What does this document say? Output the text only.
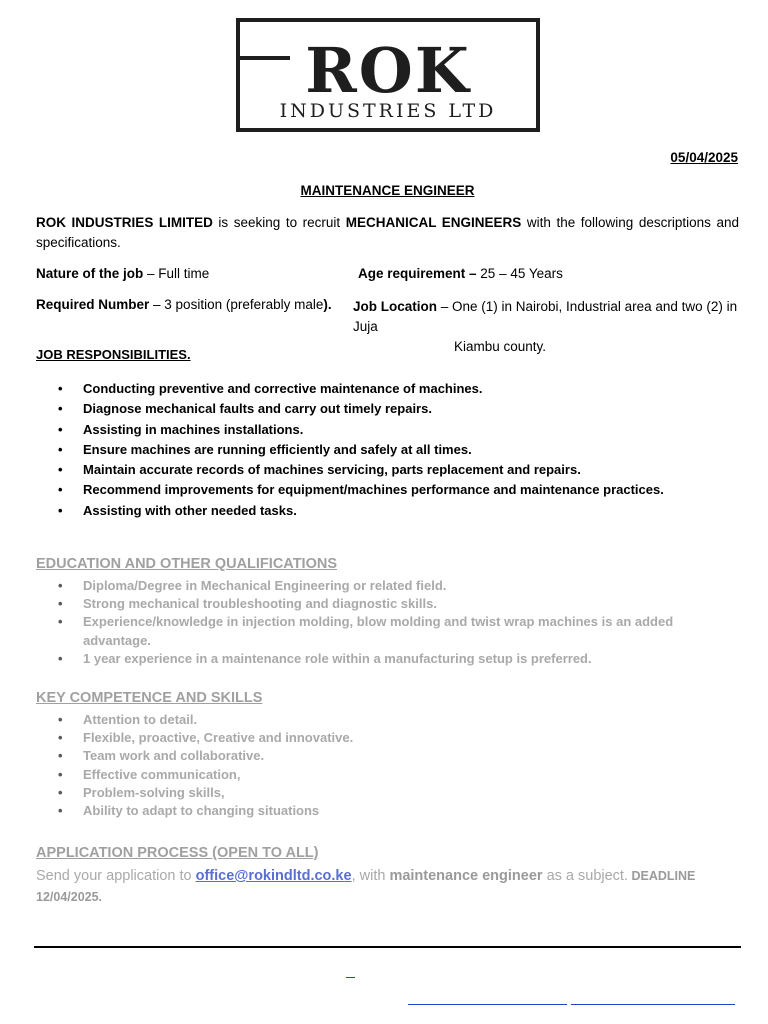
ROK
INDUSTRIES LTD
05/04/2025
MAINTENANCE ENGINEER
ROK INDUSTRIES LIMITED is seeking to recruit MECHANICAL ENGINEERS with the following descriptions and specifications.
Nature of the job – Full time	Age requirement – 25 – 45 Years
Required Number – 3 position (preferably male). Job Location – One (1) in Nairobi, Industrial area and two (2) in Juja
Kiambu county.
JOB RESPONSIBILITIES.
• Conducting preventive and corrective maintenance of machines.
• Diagnose mechanical faults and carry out timely repairs.
• Assisting in machines installations.
• Ensure machines are running efficiently and safely at all times.
• Maintain accurate records of machines servicing, parts replacement and repairs.
• Recommend improvements for equipment/machines performance and maintenance practices.
• Assisting with other needed tasks.
EDUCATION AND OTHER QUALIFICATIONS
• Diploma/Degree in Mechanical Engineering or related field.
• Strong mechanical troubleshooting and diagnostic skills.
• Experience/knowledge in injection molding, blow molding and twist wrap machines is an added advantage.
• 1 year experience in a maintenance role within a manufacturing setup is preferred.
KEY COMPETENCE AND SKILLS
• Attention to detail.
• Flexible, proactive, Creative and innovative.
• Team work and collaborative.
• Effective communication,
• Problem-solving skills,
• Ability to adapt to changing situations
APPLICATION PROCESS (OPEN TO ALL)
Send your application to office@rokindltd.co.ke, with maintenance engineer as a subject. DEADLINE
12/04/2025.
